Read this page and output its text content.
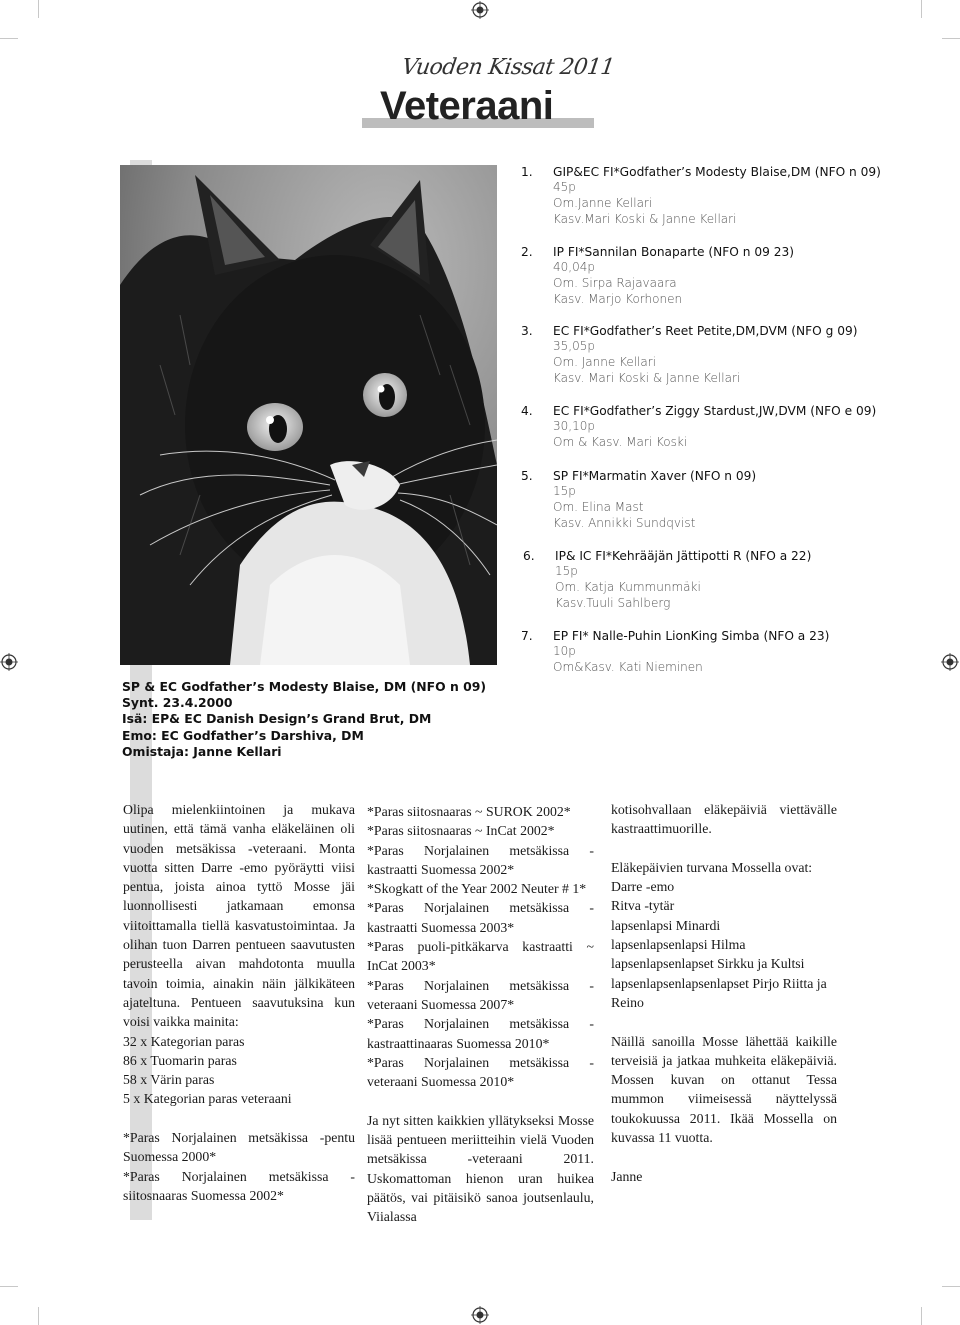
Vuoden Kissat 2011
Veteraani
SP & EC Godfather’s Modesty Blaise, DM (NFO n 09)
Synt. 23.4.2000
Isä: EP& EC Danish Design’s Grand Brut, DM
Emo: EC Godfather’s Darshiva, DM
Omistaja: Janne Kellari
1. GIP&EC FI*Godfather’s Modesty Blaise,DM (NFO n 09)
45p
Om.Janne Kellari
Kasv.Mari Koski & Janne Kellari
2. IP FI*Sannilan Bonaparte (NFO n 09 23)
40,04p
Om. Sirpa Rajavaara
Kasv. Marjo Korhonen
3. EC FI*Godfather’s Reet Petite,DM,DVM (NFO g 09)
35,05p
Om. Janne Kellari
Kasv. Mari Koski & Janne Kellari
4. EC FI*Godfather’s Ziggy Stardust,JW,DVM (NFO e 09)
30,10p
Om & Kasv. Mari Koski
5. SP FI*Marmatin Xaver (NFO n 09)
15p
Om. Elina Mast
Kasv. Annikki Sundqvist
6. IP& IC FI*Kehrääjän Jättipotti R (NFO a 22)
15p
Om. Katja Kummunmäki
Kasv.Tuuli Sahlberg
7. EP FI* Nalle-Puhin LionKing Simba (NFO a 23)
10p
Om&Kasv. Kati Nieminen

Olipa mielenkiintoinen ja mukava uutinen, että tämä vanha eläkeläinen oli vuoden metsäkissa -veteraani. Monta vuotta sitten Darre -emo pyöräytti viisi pentua, joista ainoa tyttö Mosse jäi luonnollisesti jatkamaan emonsa viitoittamalla tiellä kasvatustoimintaa. Ja olihan tuon Darren pentueen saavutusten perusteella aivan mahdotonta muulla tavoin toimia, ainakin näin jälkikäteen ajateltuna. Pentueen saavutuksina kun voisi vaikka mainita:

32 x Kategorian paras

86 x Tuomarin paras

58 x Värin paras

5 x Kategorian paras veteraani

*Paras Norjalainen metsäkissa -pentu Suomessa 2000*

*Paras Norjalainen metsäkissa -siitosnaaras Suomessa 2002*

*Paras siitosnaaras ~ SUROK 2002*

*Paras siitosnaaras ~ InCat 2002*

*Paras Norjalainen metsäkissa -kastraatti Suomessa 2002*

*Skogkatt of the Year 2002 Neuter # 1*

*Paras Norjalainen metsäkissa -kastraatti Suomessa 2003*

*Paras puoli-pitkäkarva kastraatti ~ InCat 2003*

*Paras Norjalainen metsäkissa -veteraani Suomessa 2007*

*Paras Norjalainen metsäkissa -kastraattinaaras Suomessa 2010*

*Paras Norjalainen metsäkissa -veteraani Suomessa 2010*

Ja nyt sitten kaikkien yllätykseksi Mosse lisää pentueen meriitteihin vielä Vuoden metsäkissa -veteraani 2011. Uskomattoman hienon uran huikea päätös, vai pitäisikö sanoa joutsenlaulu, Viialassa

kotisohvallaan eläkepäiviä viettävälle kastraattimuorille.

Eläkepäivien turvana Mossella ovat:

Darre -emo

Ritva -tytär

lapsenlapsi Minardi

lapsenlapsenlapsi Hilma

lapsenlapsenlapset Sirkku ja Kultsi

lapsenlapsenlapsenlapset Pirjo Riitta ja Reino

Näillä sanoilla Mosse lähettää kaikille terveisiä ja jatkaa muhkeita eläkepäiviä. Mossen kuvan on ottanut Tessa mummon viimeisessä näyttelyssä toukokuussa 2011. Ikää Mossella on kuvassa 11 vuotta.

Janne
